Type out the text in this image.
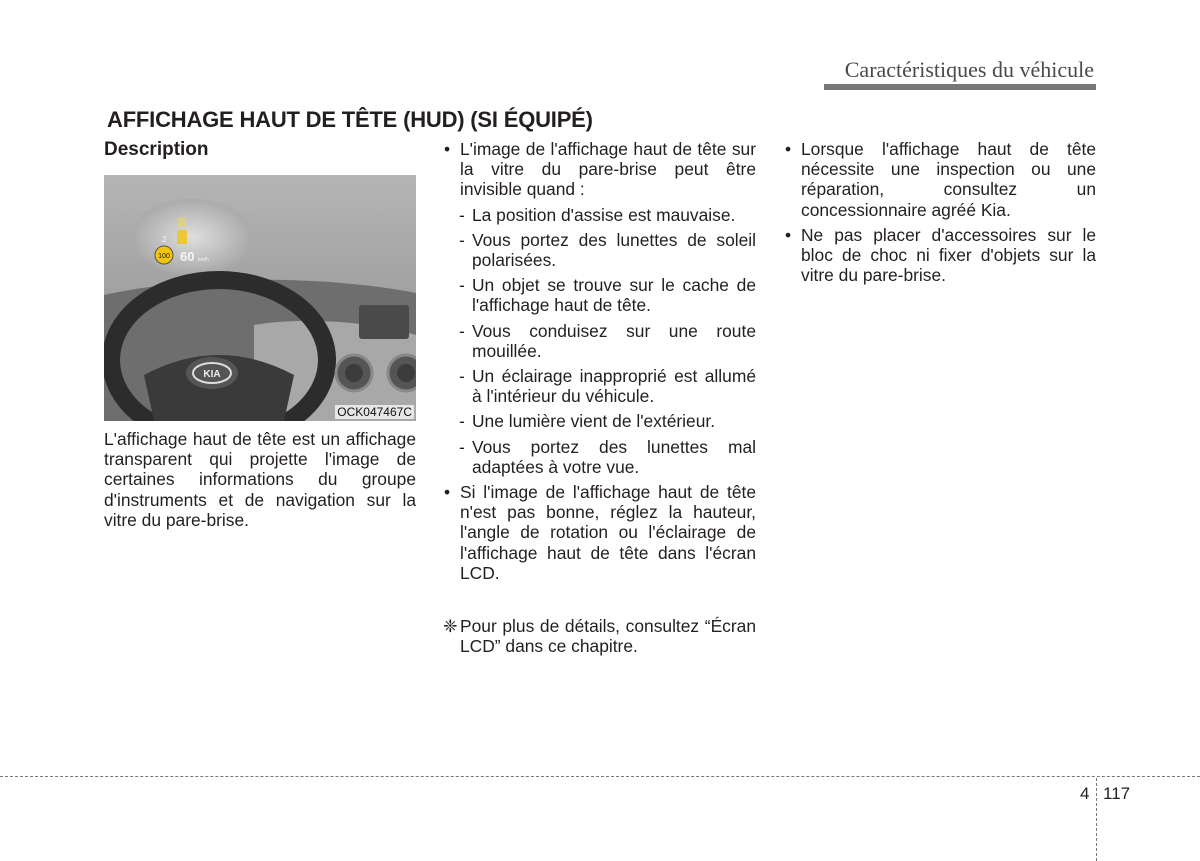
Caractéristiques du véhicule
AFFICHAGE HAUT DE TÊTE (HUD) (SI ÉQUIPÉ)
Description
100 60 km/h
2
KIA
OCK047467C
L'affichage haut de tête est un affichage transparent qui projette l'image de certaines informations du groupe d'instruments et de navigation sur la vitre du pare-brise.
• L'image de l'affichage haut de tête sur la vitre du pare-brise peut être invisible quand :
- La position d'assise est mauvaise.
- Vous portez des lunettes de soleil polarisées.
- Un objet se trouve sur le cache de l'affichage haut de tête.
- Vous conduisez sur une route mouillée.
- Un éclairage inapproprié est allumé à l'intérieur du véhicule.
- Une lumière vient de l'extérieur.
- Vous portez des lunettes mal adaptées à votre vue.
• Si l'image de l'affichage haut de tête n'est pas bonne, réglez la hauteur, l'angle de rotation ou l'éclairage de l'affichage haut de tête dans l'écran LCD.
❈ Pour plus de détails, consultez “Écran LCD” dans ce chapitre.
• Lorsque l'affichage haut de tête nécessite une inspection ou une réparation, consultez un concessionnaire agréé Kia.
• Ne pas placer d'accessoires sur le bloc de choc ni fixer d'objets sur la vitre du pare-brise.
4 117
